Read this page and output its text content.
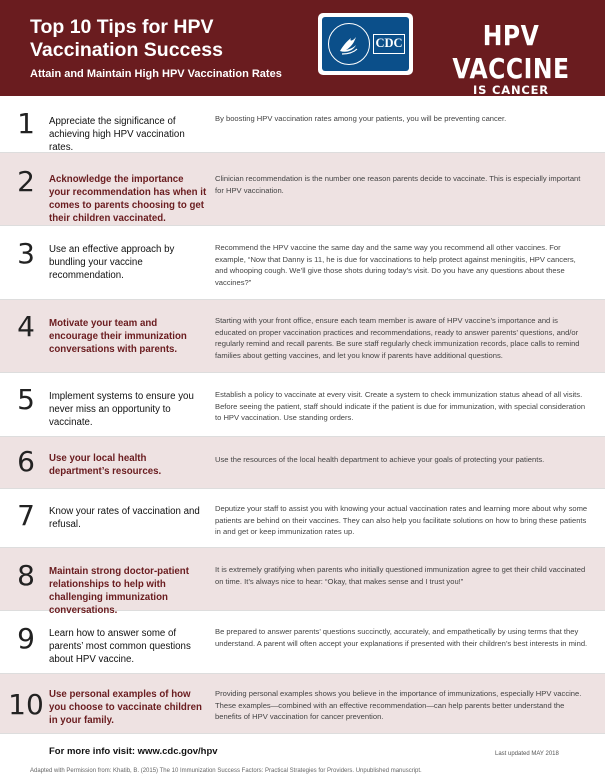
Top 10 Tips for HPV Vaccination Success
Attain and Maintain High HPV Vaccination Rates
CDC	HPV VACCINE
IS CANCER PREVENTION
1	Appreciate the significance of achieving high HPV vaccination rates.
By boosting HPV vaccination rates among your patients, you will be preventing cancer.
2	Acknowledge the importance your recommendation has when it comes to parents choosing to get their children vaccinated.
Clinician recommendation is the number one reason parents decide to vaccinate. This is especially important for HPV vaccination.
3	Use an effective approach by bundling your vaccine recommendation.
Recommend the HPV vaccine the same day and the same way you recommend all other vaccines. For example, “Now that Danny is 11, he is due for vaccinations to help protect against meningitis, HPV cancers, and whooping cough. We’ll give those shots during today’s visit. Do you have any questions about these vaccines?”
4	Motivate your team and encourage their immunization conversations with parents.
Starting with your front office, ensure each team member is aware of HPV vaccine’s importance and is educated on proper vaccination practices and recommendations, ready to answer parents’ questions, and/or regularly remind and recall parents. Be sure staff regularly check immunization records, place calls to remind families about getting vaccines, and let you know if parents have additional questions.
5	Implement systems to ensure you never miss an opportunity to vaccinate.
Establish a policy to vaccinate at every visit. Create a system to check immunization status ahead of all visits. Before seeing the patient, staff should indicate if the patient is due for immunization, with special consideration to HPV vaccination. Use standing orders.
6	Use your local health department’s resources.
Use the resources of the local health department to achieve your goals of protecting your patients.
7	Know your rates of vaccination and refusal.
Deputize your staff to assist you with knowing your actual vaccination rates and learning more about why some patients are behind on their vaccines. They can also help you facilitate solutions on how to bring these patients in and get or keep immunization rates up.
8	Maintain strong doctor-patient relationships to help with challenging immunization conversations.
It is extremely gratifying when parents who initially questioned immunization agree to get their child vaccinated on time. It’s always nice to hear: “Okay, that makes sense and I trust you!”
9	Learn how to answer some of parents’ most common questions about HPV vaccine.
Be prepared to answer parents’ questions succinctly, accurately, and empathetically by using terms that they understand. A parent will often accept your explanations if presented with their children’s best interests in mind.
10 Use personal examples of how you choose to vaccinate children in your family.
Providing personal examples shows you believe in the importance of immunizations, especially HPV vaccine. These examples—combined with an effective recommendation—can help parents better understand the benefits of HPV vaccination for cancer prevention.
For more info visit: www.cdc.gov/hpv	Last updated MAY 2018
Adapted with Permission from: Khatib, B. (2015) The 10 Immunization Success Factors: Practical Strategies for Providers. Unpublished manuscript.
